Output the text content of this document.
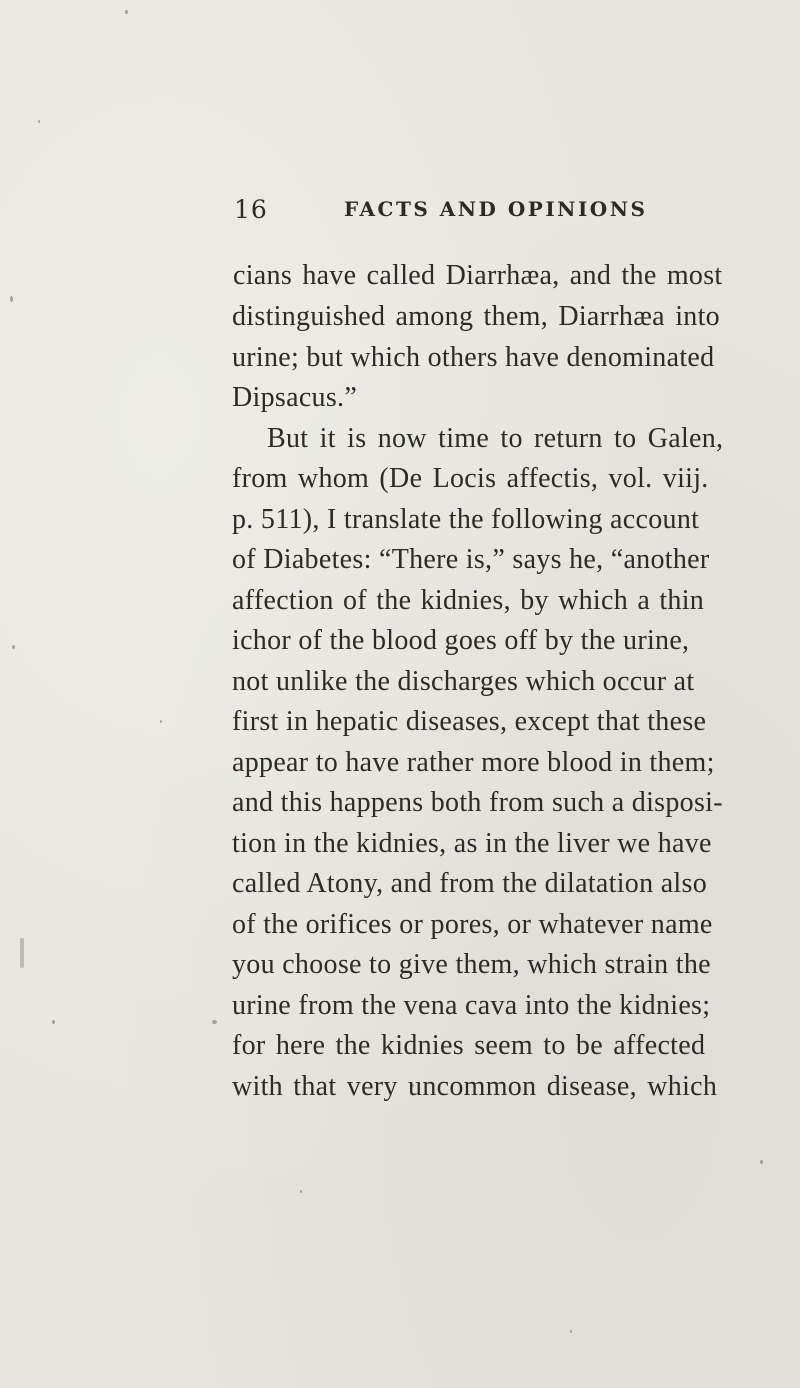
16	FACTS AND OPINIONS
cians have called Diarrhæa, and the most
distinguished among them, Diarrhæa into
urine; but which others have denominated
Dipsacus.”
But it is now time to return to Galen,
from whom (De Locis affectis, vol. viij.
p. 511), I translate the following account
of Diabetes: “There is,” says he, “another
affection of the kidnies, by which a thin
ichor of the blood goes off by the urine,
not unlike the discharges which occur at
first in hepatic diseases, except that these
appear to have rather more blood in them;
and this happens both from such a disposi-
tion in the kidnies, as in the liver we have
called Atony, and from the dilatation also
of the orifices or pores, or whatever name
you choose to give them, which strain the
urine from the vena cava into the kidnies;
for here the kidnies seem to be affected
with that very uncommon disease, which
